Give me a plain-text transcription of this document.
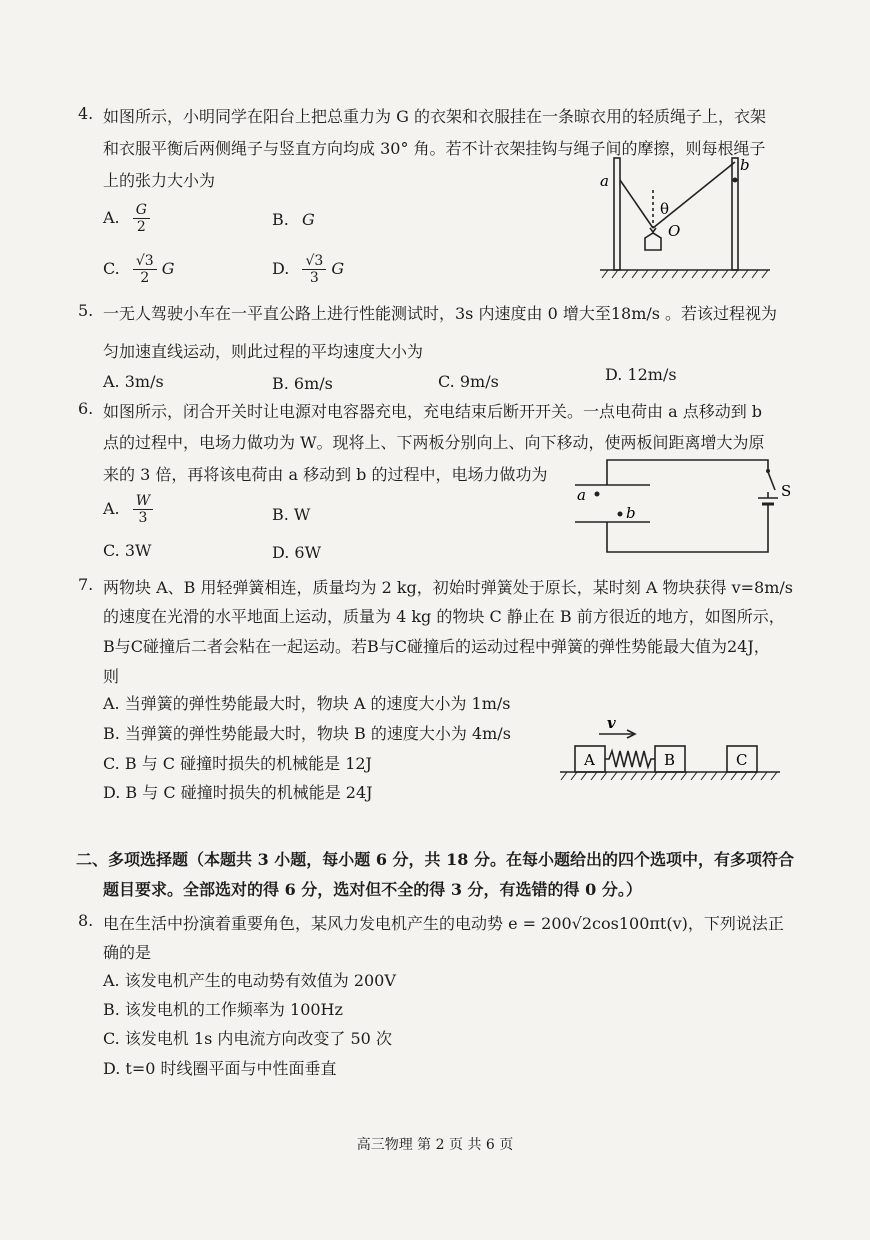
4. 如图所示，小明同学在阳台上把总重力为 G 的衣架和衣服挂在一条晾衣用的轻质绳子上，衣架
和衣服平衡后两侧绳子与竖直方向均成 30° 角。若不计衣架挂钩与绳子间的摩擦，则每根绳子
上的张力大小为
A. $\frac{G}{2}$	B. G
C. $\frac{√3}{2}$ G	D. $\frac{√3}{3}$ G
a
b
θ
O
5. 一无人驾驶小车在一平直公路上进行性能测试时，3s 内速度由 0 增大至18m/s 。若该过程视为
匀加速直线运动，则此过程的平均速度大小为
A. 3m/s	B. 6m/s	C. 9m/s	D. 12m/s
6. 如图所示，闭合开关时让电源对电容器充电，充电结束后断开开关。一点电荷由 a 点移动到 b
点的过程中，电场力做功为 W。现将上、下两板分别向上、向下移动，使两板间距离增大为原
来的 3 倍，再将该电荷由 a 移动到 b 的过程中，电场力做功为
A. $\frac{W}{3}$	B. W
C. 3W	D. 6W
a
b
S
7. 两物块 A、B 用轻弹簧相连，质量均为 2 kg，初始时弹簧处于原长，某时刻 A 物块获得 v=8m/s
的速度在光滑的水平地面上运动，质量为 4 kg 的物块 C 静止在 B 前方很近的地方，如图所示，
B与C碰撞后二者会粘在一起运动。若B与C碰撞后的运动过程中弹簧的弹性势能最大值为24J，
则
A. 当弹簧的弹性势能最大时，物块 A 的速度大小为 1m/s
B. 当弹簧的弹性势能最大时，物块 B 的速度大小为 4m/s
C. B 与 C 碰撞时损失的机械能是 12J
D. B 与 C 碰撞时损失的机械能是 24J
v
A	B	C
二、多项选择题（本题共 3 小题，每小题 6 分，共 18 分。在每小题给出的四个选项中，有多项符合
题目要求。全部选对的得 6 分，选对但不全的得 3 分，有选错的得 0 分。）
8. 电在生活中扮演着重要角色，某风力发电机产生的电动势 e = 200√2cos100πt(v)，下列说法正
确的是
A. 该发电机产生的电动势有效值为 200V
B. 该发电机的工作频率为 100Hz
C. 该发电机 1s 内电流方向改变了 50 次
D. t=0 时线圈平面与中性面垂直
高三物理 第 2 页 共 6 页
